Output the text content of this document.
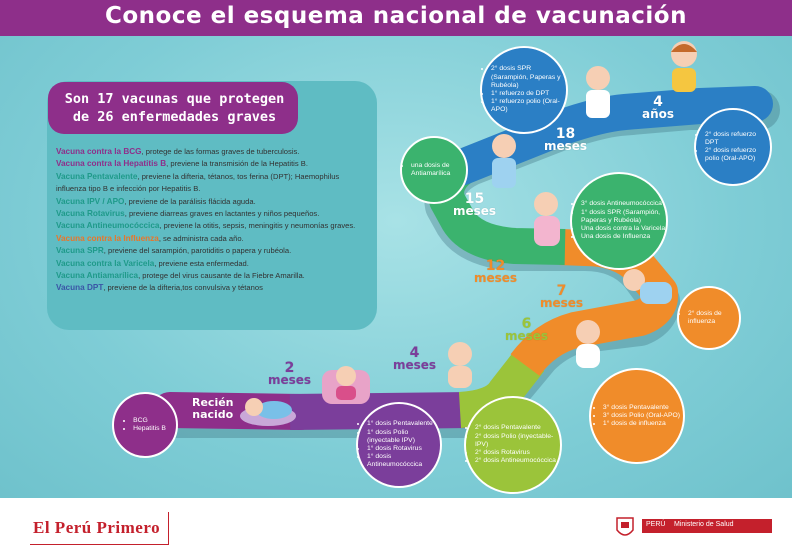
Conoce el esquema nacional de vacunación
Son 17 vacunas que protegen
de 26 enfermedades graves
Vacuna contra la BCG, protege de las formas graves de tuberculosis.
Vacuna contra la Hepatitis B, previene la transmisión de la Hepatitis B.
Vacuna Pentavalente, previene la difteria, tétanos, tos ferina (DPT); Haemophilus
influenza tipo B e infección por Hepatitis B.
Vacuna IPV / APO, previene de la parálisis flácida aguda.
Vacuna Rotavirus, previene diarreas graves en lactantes y niños pequeños.
Vacuna Antineumocóccica, previene la otitis, sepsis, meningitis y neumonías graves.
Vacuna contra la Influenza, se administra cada año.
Vacuna SPR, previene del sarampión, parotiditis o papera y rubéola.
Vacuna contra la Varicela, previene esta enfermedad.
Vacuna Antiamarílica, protege del virus causante de la Fiebre Amarilla.
Vacuna DPT, previene de la difteria,tos convulsiva y tétanos
Recién
nacido
2
meses
4
meses
6
meses
7
meses
12
meses
15
meses
18
meses
4
años
• BCG
• Hepatitis B
• 1° dosis Pentavalente
• 1° dosis Polio (inyectable IPV)
• 1° dosis Rotavirus
• 1° dosis Antineumocóccica
• 2° dosis Pentavalente
• 2° dosis Polio (inyectable- IPV)
• 2° dosis Rotavirus
• 2° dosis Antineumocóccica
• 3° dosis Pentavalente
• 3° dosis Polio (Oral-APO)
• 1° dosis de influenza
• 2° dosis de influenza
• 3° dosis Antineumocóccica
• 1° dosis SPR (Sarampión, Paperas y Rubéola)
• Una dosis contra la Varicela
• Una dosis de Influenza
• una dosis de Antiamarílica
• 2° dosis SPR (Sarampión, Paperas y Rubéola)
• 1° refuerzo de DPT
• 1° refuerzo polio (Oral-APO)
• 2° dosis refuerzo DPT
• 2° dosis refuerzo polio (Oral-APO)
El Perú Primero	PERÚ Ministerio de Salud
